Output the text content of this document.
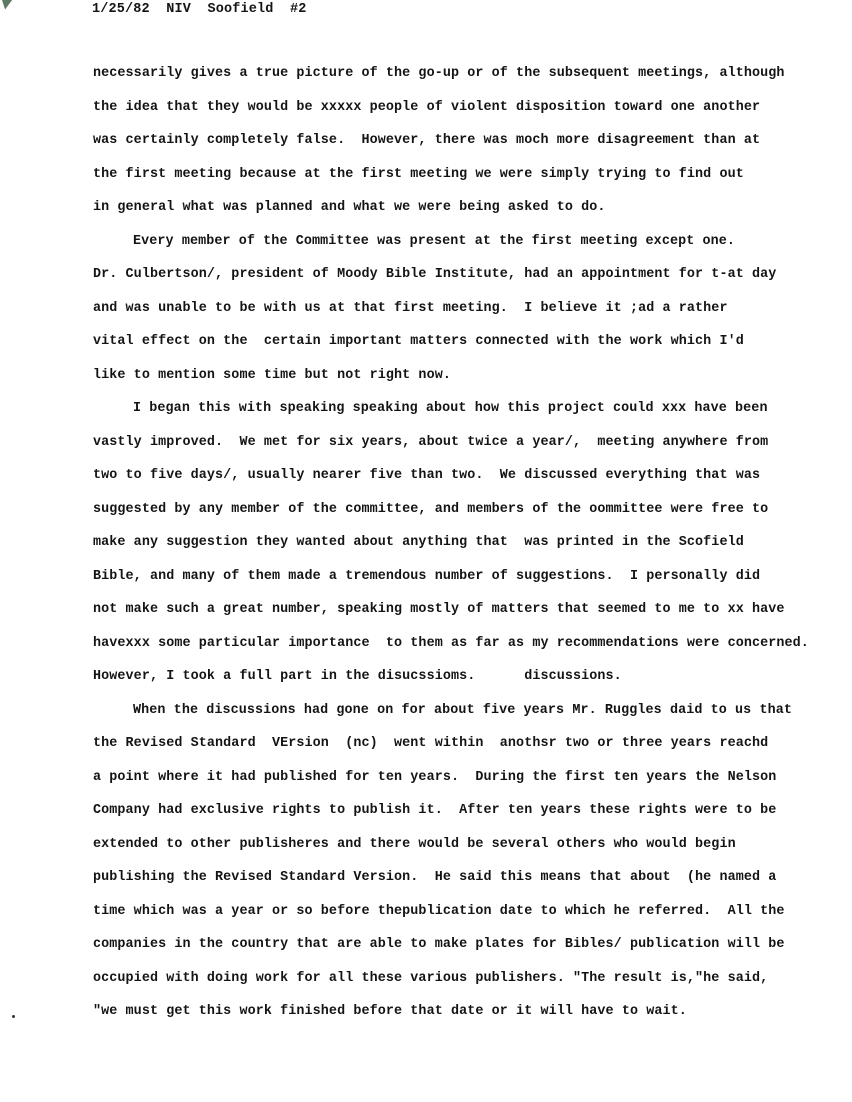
1/25/82  NIV  Soofield  #2
necessarily gives a true picture of the go-up or of the subsequent meetings, although
the idea that they would be xxxxx people of violent disposition toward one another
was certainly completely false.  However, there was moch more disagreement than at
the first meeting because at the first meeting we were simply trying to find out
in general what was planned and what we were being asked to do.
Every member of the Committee was present at the first meeting except one.
Dr. Culbertson/, president of Moody Bible Institute, had an appointment for t-at day
and was unable to be with us at that first meeting.  I believe it ;ad a rather
vital effect on the  certain important matters connected with the work which I'd
like to mention some time but not right now.
I began this with speaking speaking about how this project could xxx have been
vastly improved.  We met for six years, about twice a year/,  meeting anywhere from
two to five days/, usually nearer five than two.  We discussed everything that was
suggested by any member of the committee, and members of the oommittee were free to
make any suggestion they wanted about anything that  was printed in the Scofield
Bible, and many of them made a tremendous number of suggestions.  I personally did
not make such a great number, speaking mostly of matters that seemed to me to xx have
havexxx some particular importance  to them as far as my recommendations were concerned.
However, I took a full part in the disucssioms.      discussions.
When the discussions had gone on for about five years Mr. Ruggles daid to us that
the Revised Standard  VErsion  (nc)  went within  anothsr two or three years reachd
a point where it had published for ten years.  During the first ten years the Nelson
Company had exclusive rights to publish it.  After ten years these rights were to be
extended to other publisheres and there would be several others who would begin
publishing the Revised Standard Version.  He said this means that about  (he named a
time which was a year or so before thepublication date to which he referred.  All the
companies in the country that are able to make plates for Bibles/ publication will be
occupied with doing work for all these various publishers. "The result is,"he said,
"we must get this work finished before that date or it will have to wait.
